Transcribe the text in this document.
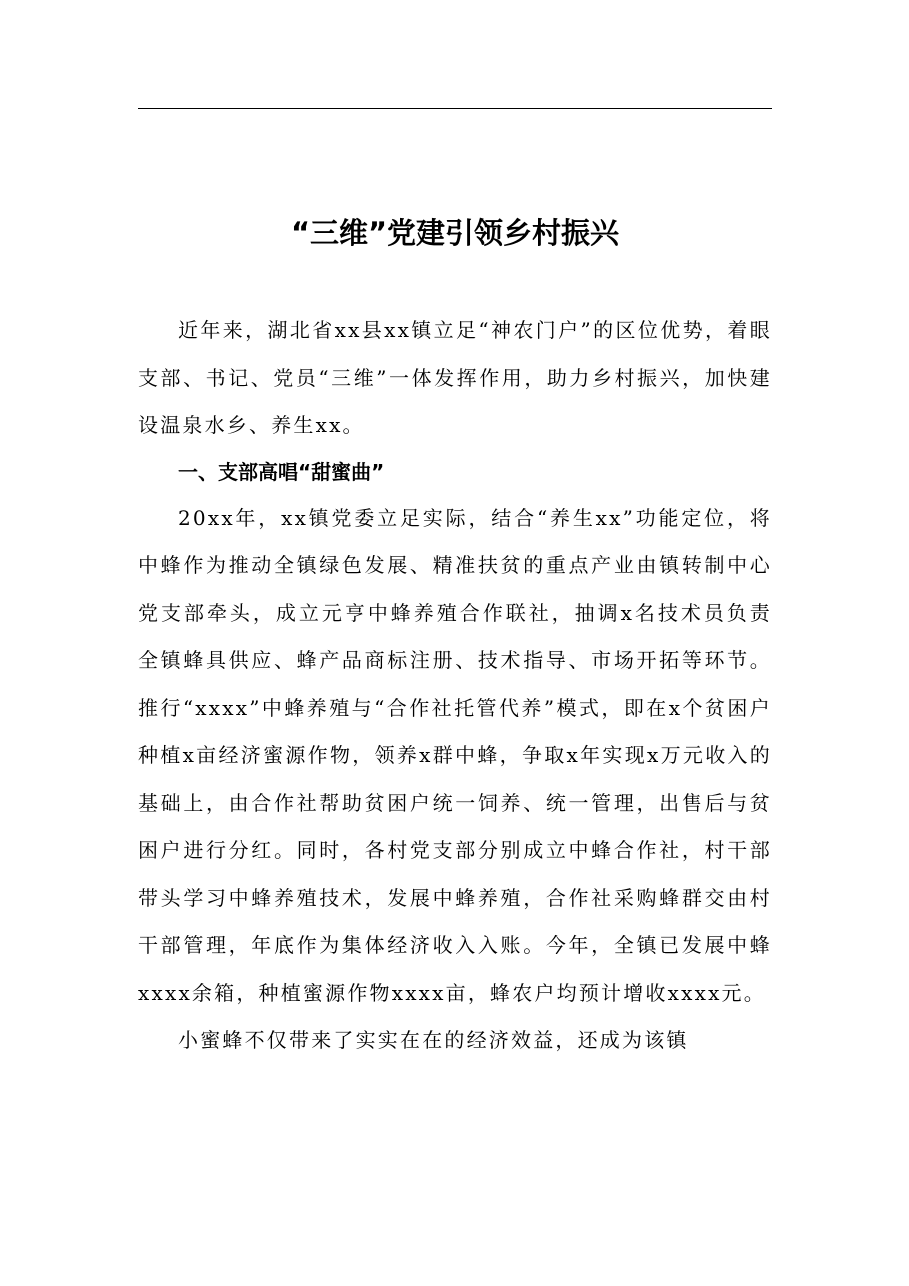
“三维”党建引领乡村振兴

近年来，湖北省xx县xx镇立足“神农门户”的区位优势，着眼支部、书记、党员“三维”一体发挥作用，助力乡村振兴，加快建设温泉水乡、养生xx。

一、支部高唱“甜蜜曲”

20xx年，xx镇党委立足实际，结合“养生xx”功能定位，将中蜂作为推动全镇绿色发展、精准扶贫的重点产业由镇转制中心党支部牵头，成立元亨中蜂养殖合作联社，抽调x名技术员负责全镇蜂具供应、蜂产品商标注册、技术指导、市场开拓等环节。推行“xxxx”中蜂养殖与“合作社托管代养”模式，即在x个贫困户种植x亩经济蜜源作物，领养x群中蜂，争取x年实现x万元收入的基础上，由合作社帮助贫困户统一饲养、统一管理，出售后与贫困户进行分红。同时，各村党支部分别成立中蜂合作社，村干部带头学习中蜂养殖技术，发展中蜂养殖，合作社采购蜂群交由村干部管理，年底作为集体经济收入入账。今年，全镇已发展中蜂xxxx余箱，种植蜜源作物xxxx亩，蜂农户均预计增收xxxx元。

小蜜蜂不仅带来了实实在在的经济效益，还成为该镇
